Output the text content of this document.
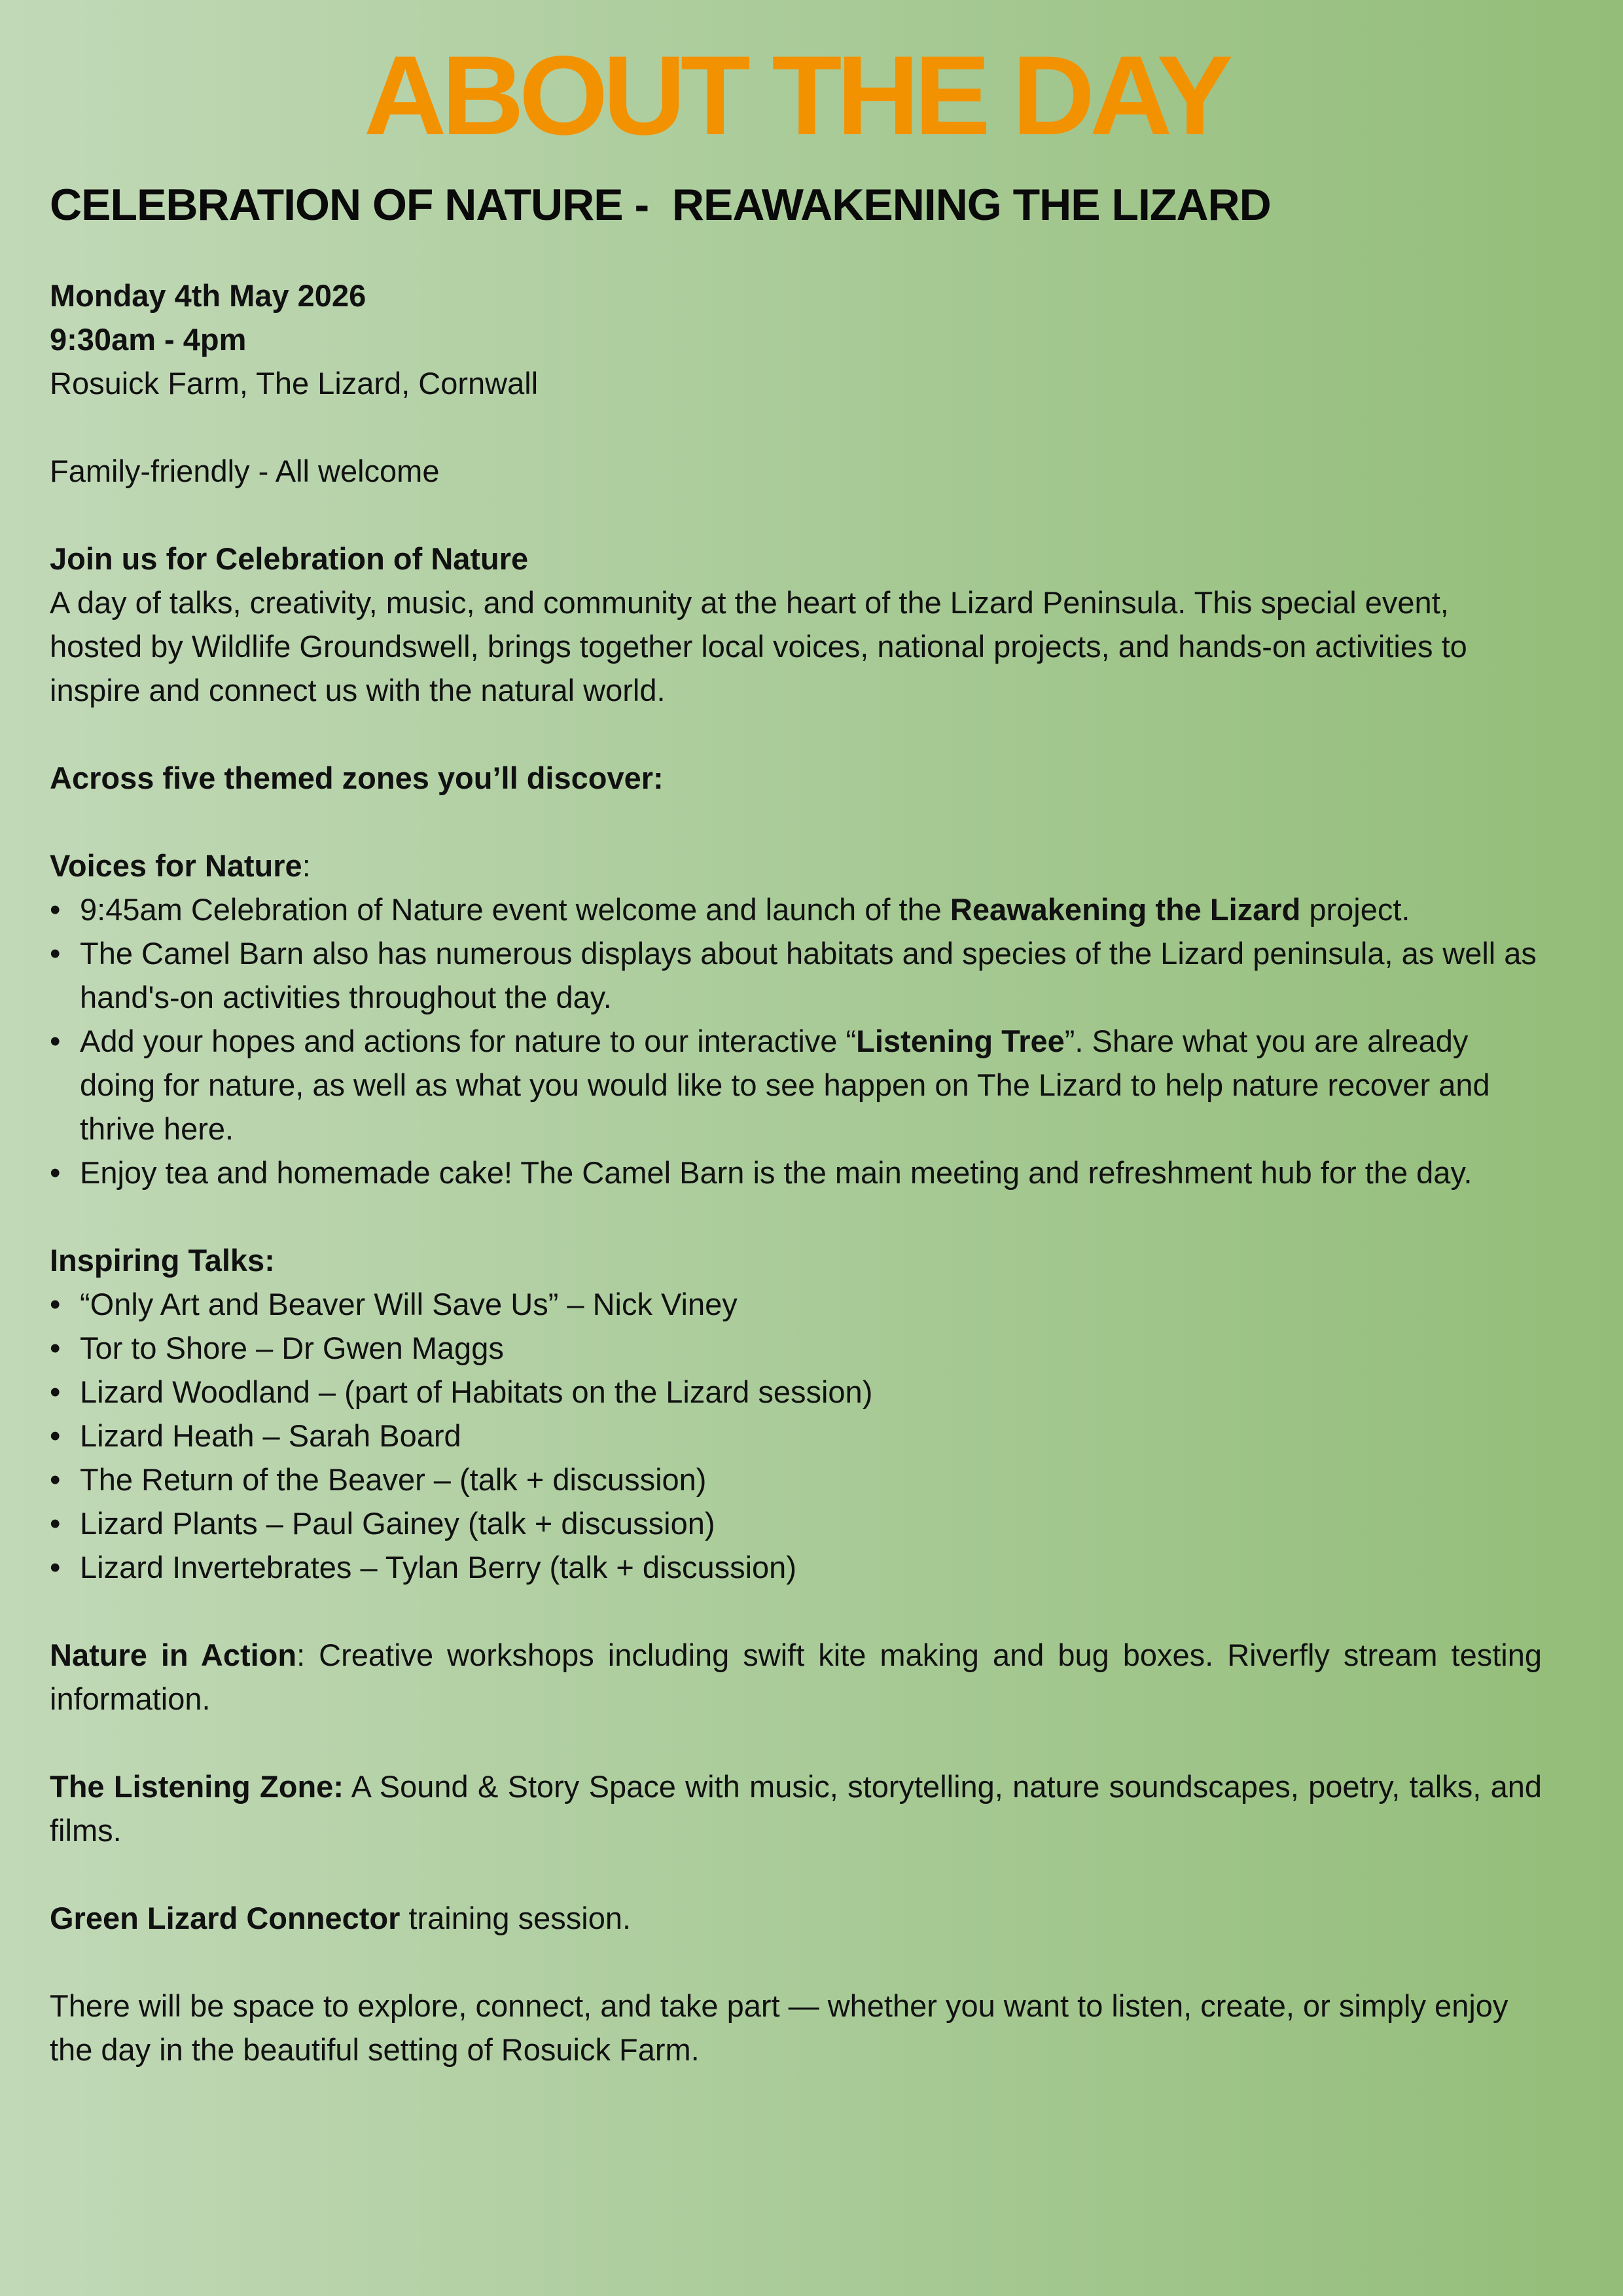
ABOUT THE DAY
CELEBRATION OF NATURE -  REAWAKENING THE LIZARD

Monday 4th May 2026

9:30am - 4pm

Rosuick Farm, The Lizard, Cornwall

Family-friendly - All welcome

Join us for Celebration of Nature

A day of talks, creativity, music, and community at the heart of the Lizard Peninsula. This special event, hosted by Wildlife Groundswell, brings together local voices, national projects, and hands-on activities to inspire and connect us with the natural world.

Across five themed zones you’ll discover:

Voices for Nature:

• 9:45am Celebration of Nature event welcome and launch of the Reawakening the Lizard project.
• The Camel Barn also has numerous displays about habitats and species of the Lizard peninsula, as well as hand's-on activities throughout the day.
• Add your hopes and actions for nature to our interactive “Listening Tree”. Share what you are already doing for nature, as well as what you would like to see happen on The Lizard to help nature recover and thrive here.
• Enjoy tea and homemade cake! The Camel Barn is the main meeting and refreshment hub for the day.

Inspiring Talks:

• “Only Art and Beaver Will Save Us” – Nick Viney
• Tor to Shore – Dr Gwen Maggs
• Lizard Woodland – (part of Habitats on the Lizard session)
• Lizard Heath – Sarah Board
• The Return of the Beaver – (talk + discussion)
• Lizard Plants – Paul Gainey (talk + discussion)
• Lizard Invertebrates – Tylan Berry (talk + discussion)

Nature in Action: Creative workshops including swift kite making and bug boxes. Riverfly stream testing information.

The Listening Zone: A Sound & Story Space with music, storytelling, nature soundscapes, poetry, talks, and films.

Green Lizard Connector training session.

There will be space to explore, connect, and take part — whether you want to listen, create, or simply enjoy the day in the beautiful setting of Rosuick Farm.
